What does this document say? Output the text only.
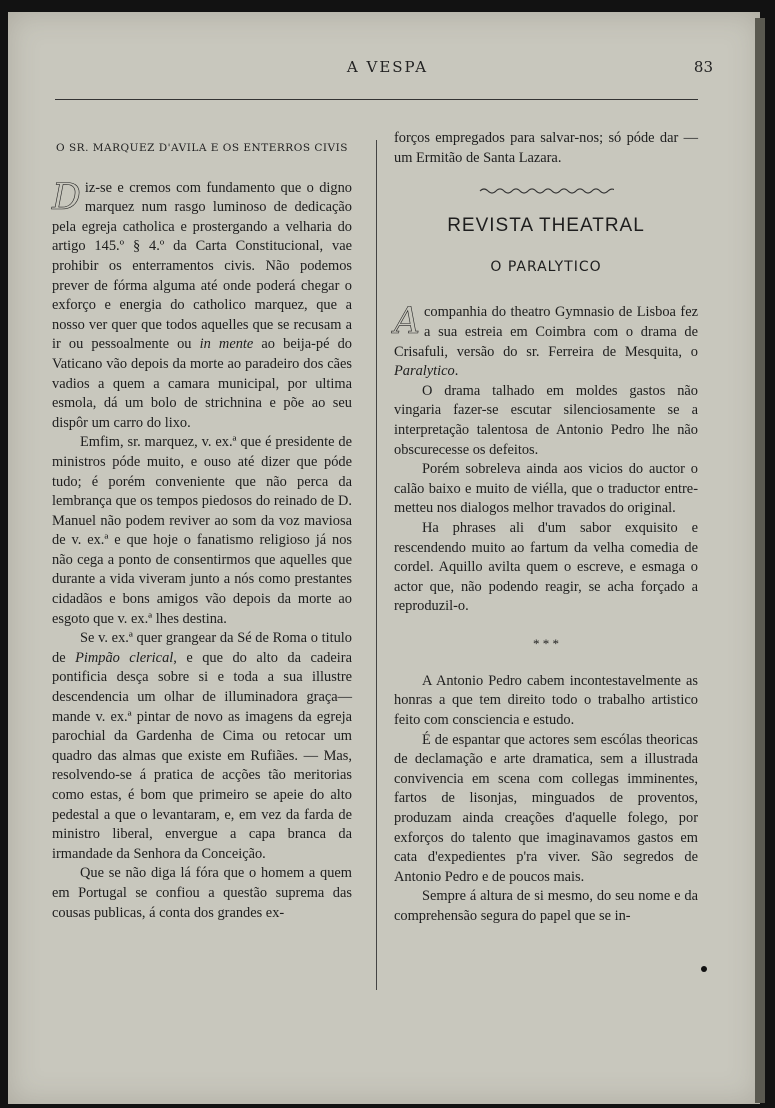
A VESPA	83
O SR. MARQUEZ D'AVILA E OS ENTERROS CIVIS

Diz-se e cremos com fundamento que o digno marquez num rasgo luminoso de dedicação pela egreja catholica e prostergando a velharia do artigo 145.º § 4.º da Carta Constitucional, vae prohibir os enterramentos civis. Não podemos prever de fórma alguma até onde poderá chegar o exforço e energia do catholico marquez, que a nosso ver quer que todos aquelles que se recusam a ir ou pessoalmente ou in mente ao beija-pé do Vaticano vão depois da morte ao paradeiro dos cães vadios a quem a camara municipal, por ultima esmola, dá um bolo de strichnina e põe ao seu dispôr um carro do lixo.

Emfim, sr. marquez, v. ex.ª que é presidente de ministros póde muito, e ouso até dizer que póde tudo; é porém conveniente que não perca da lembrança que os tempos piedosos do reinado de D. Manuel não podem reviver ao som da voz maviosa de v. ex.ª e que hoje o fanatismo religioso já nos não cega a ponto de consentirmos que aquelles que durante a vida viveram junto a nós como prestantes cidadãos e bons amigos vão depois da morte ao esgoto que v. ex.ª lhes destina.

Se v. ex.ª quer grangear da Sé de Roma o titulo de Pimpão clerical, e que do alto da cadeira pontificia desça sobre si e toda a sua illustre descendencia um olhar de illuminadora graça—mande v. ex.ª pintar de novo as imagens da egreja parochial da Gardenha de Cima ou retocar um quadro das almas que existe em Rufiães. — Mas, resolvendo-se á pratica de acções tão meritorias como estas, é bom que primeiro se apeie do alto pedestal a que o levantaram, e, em vez da farda de ministro liberal, envergue a capa branca da irmandade da Senhora da Conceição.

Que se não diga lá fóra que o homem a quem em Portugal se confiou a questão suprema das cousas publicas, á conta dos grandes ex-

forços empregados para salvar-nos; só póde dar —um Ermitão de Santa Lazara.

REVISTA THEATRAL
O PARALYTICO

A companhia do theatro Gymnasio de Lisboa fez a sua estreia em Coimbra com o drama de Crisafuli, versão do sr. Ferreira de Mesquita, o Paralytico.

O drama talhado em moldes gastos não vingaria fazer-se escutar silenciosamente se a interpretação talentosa de Antonio Pedro lhe não obscurecesse os defeitos.

Porém sobreleva ainda aos vicios do auctor o calão baixo e muito de viélla, que o traductor entre-metteu nos dialogos melhor travados do original.

Ha phrases ali d'um sabor exquisito e rescendendo muito ao fartum da velha comedia de cordel. Aquillo avilta quem o escreve, e esmaga o actor que, não podendo reagir, se acha forçado a reproduzil-o.

* * *

A Antonio Pedro cabem incontestavelmente as honras a que tem direito todo o trabalho artistico feito com consciencia e estudo.

É de espantar que actores sem escólas theoricas de declamação e arte dramatica, sem a illustrada convivencia em scena com collegas imminentes, fartos de lisonjas, minguados de proventos, produzam ainda creações d'aquelle folego, por exforços do talento que imaginavamos gastos em cata d'expedientes p'ra viver. São segredos de Antonio Pedro e de poucos mais.

Sempre á altura de si mesmo, do seu nome e da comprehensão segura do papel que se in-
